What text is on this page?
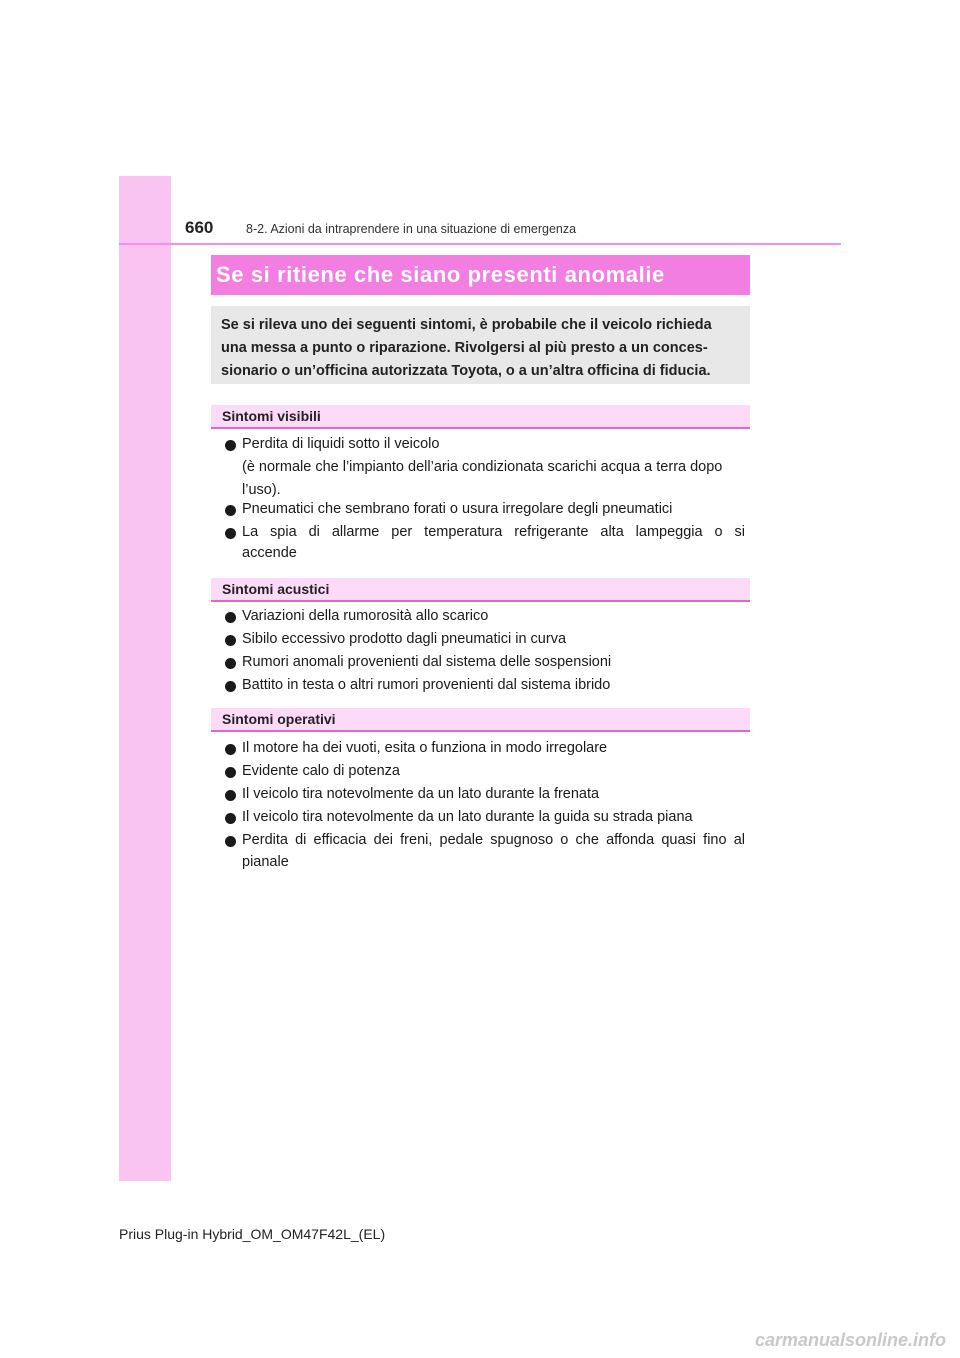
660	8-2. Azioni da intraprendere in una situazione di emergenza
Se si ritiene che siano presenti anomalie
Se si rileva uno dei seguenti sintomi, è probabile che il veicolo richieda
una messa a punto o riparazione. Rivolgersi al più presto a un conces-
sionario o un’officina autorizzata Toyota, o a un’altra officina di fiducia.
Sintomi visibili
Perdita di liquidi sotto il veicolo
(è normale che l’impianto dell’aria condizionata scarichi acqua a terra dopo
l’uso).
Pneumatici che sembrano forati o usura irregolare degli pneumatici
La spia di allarme per temperatura refrigerante alta lampeggia o si
accende
Sintomi acustici
Variazioni della rumorosità allo scarico
Sibilo eccessivo prodotto dagli pneumatici in curva
Rumori anomali provenienti dal sistema delle sospensioni
Battito in testa o altri rumori provenienti dal sistema ibrido
Sintomi operativi
Il motore ha dei vuoti, esita o funziona in modo irregolare
Evidente calo di potenza
Il veicolo tira notevolmente da un lato durante la frenata
Il veicolo tira notevolmente da un lato durante la guida su strada piana
Perdita di efficacia dei freni, pedale spugnoso o che affonda quasi fino al
pianale
Prius Plug-in Hybrid_OM_OM47F42L_(EL)
carmanualsonline.info
